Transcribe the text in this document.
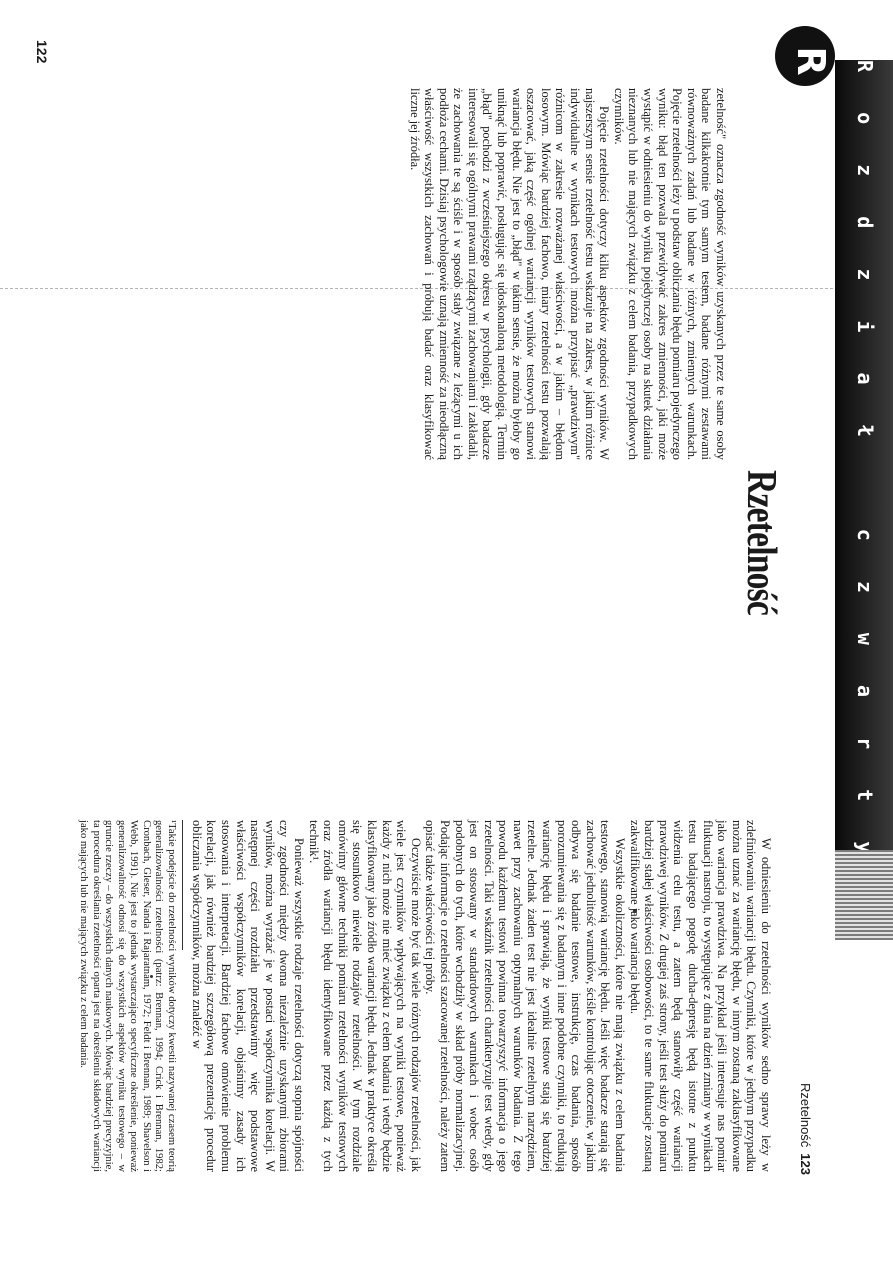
R o z d z i a ł   c z w a r t y
Rzetelność
R

zetelność" oznacza zgodność wyników uzyskanych przez te same osoby badane kilkakrotnie tym samym testem, badane różnymi zestawami równoważnych zadań lub badane w różnych, zmiennych warunkach. Pojęcie rzetelności leży u podstaw obliczania błędu pomiaru pojedynczego wyniku: błąd ten pozwala przewidywać zakres zmienności, jaki może wystąpić w odniesieniu do wyniku pojedynczej osoby na skutek działania nieznanych lub nie mających związku z celem badania, przypadkowych czynników.

Pojęcie rzetelności dotyczy kilku aspektów zgodności wyników. W najszerszym sensie rzetelność testu wskazuje na zakres, w jakim różnice indywidualne w wynikach testowych można przypisać „prawdziwym" różnicom w zakresie rozważanej właściwości, a w jakim – błędom losowym. Mówiąc bardziej fachowo, miary rzetelności testu pozwalają oszacować, jaką część ogólnej wariancji wyników testowych stanowi wariancja błędu. Nie jest to „błąd" w takim sensie, że można byłoby go uniknąć lub poprawić, posługując się udoskonaloną metodologią. Termin „błąd" pochodzi z wcześniejszego okresu w psychologii, gdy badacze interesowali się ogólnymi prawami rządzącymi zachowaniami i zakładali, że zachowania te są ściśle i w sposób stały związane z leżącymi u ich podłoża cechami. Dzisiaj psychologowie uznają zmienność za nieodłączną właściwość wszystkich zachowań i próbują badać oraz klasyfikować liczne jej źródła.

122
Rzetelność123

W odniesieniu do rzetelności wyników sedno sprawy leży w zdefiniowaniu wariancji błędu. Czynniki, które w jednym przypadku można uznać za wariancję błędu, w innym zostaną zaklasyfikowane jako wariancja prawdziwa. Na przykład jeśli interesuje nas pomiar fluktuacji nastroju, to występujące z dnia na dzień zmiany w wynikach testu badającego pogodę ducha-depresję będą istotne z punktu widzenia celu testu, a zatem będą stanowiły część wariancji prawdziwej wyników. Z drugiej zaś strony, jeśli test służy do pomiaru bardziej stałej właściwości osobowości, to te same fluktuacje zostaną zakwalifikowane jako wariancja błędu.

Wszystkie okoliczności, które nie mają związku z celem badania testowego, stanowią wariancję błędu. Jeśli więc badacze starają się zachować jednolitość warunków, ściśle kontrolując otoczenie, w jakim odbywa się badanie testowe, instrukcję, czas badania, sposób porozumiewania się z badanym i inne podobne czynniki, to redukują wariancję błędu i sprawiają, że wyniki testowe stają się bardziej rzetelne. Jednak żaden test nie jest idealnie rzetelnym narzędziem, nawet przy zachowaniu optymalnych warunków badania. Z tego powodu każdemu testowi powinna towarzyszyć informacja o jego rzetelności. Taki wskaźnik rzetelności charakteryzuje test wtedy, gdy jest on stosowany w standardowych warunkach i wobec osób podobnych do tych, które wchodziły w skład próby normalizacyjnej. Podając informacje o rzetelności szacowanej rzetelności, należy zatem opisać także właściwości tej próby.

Oczywiście może być tak wiele różnych rodzajów rzetelności, jak wiele jest czynników wpływających na wyniki testowe, ponieważ każdy z nich może nie mieć związku z celem badania i wtedy będzie klasyfikowany jako źródło wariancji błędu. Jednak w praktyce określa się stosunkowo niewiele rodzajów rzetelności. W tym rozdziale omówimy główne techniki pomiaru rzetelności wyników testowych oraz źródła wariancji błędu identyfikowane przez każdą z tych technik¹.

Ponieważ wszystkie rodzaje rzetelności dotyczą stopnia spójności czy zgodności między dwoma niezależnie uzyskanymi zbiorami wyników, można wyrażać je w postaci współczynnika korelacji. W następnej części rozdziału przedstawimy więc podstawowe właściwości współczynników korelacji, objaśnimy zasady ich stosowania i interpretacji. Bardziej fachowe omówienie problemu korelacji, jak również bardziej szczegółową prezentację procedur obliczania współczynników, można znaleźć w

¹Takie podejście do rzetelności wyników dotyczy kwestii nazywanej czasem teorią generalizowalności rzetelności (patrz: Brennan, 1994; Crick i Brennan, 1982; Cronbach, Gleser, Nanda i Rajaratnam, 1972; Feldt i Brennan, 1989; Shavelson i Webb, 1991). Nie jest to jednak wystarczająco specyficzne określenie, ponieważ generalizowalność odnosi się do wszystkich aspektów wyniku testowego – w gruncie rzeczy – do wszystkich danych naukowych. Mówiąc bardziej precyzyjnie, ta procedura określania rzetelności oparta jest na określeniu składowych wariancji jako mających lub nie mających związku z celem badania.
